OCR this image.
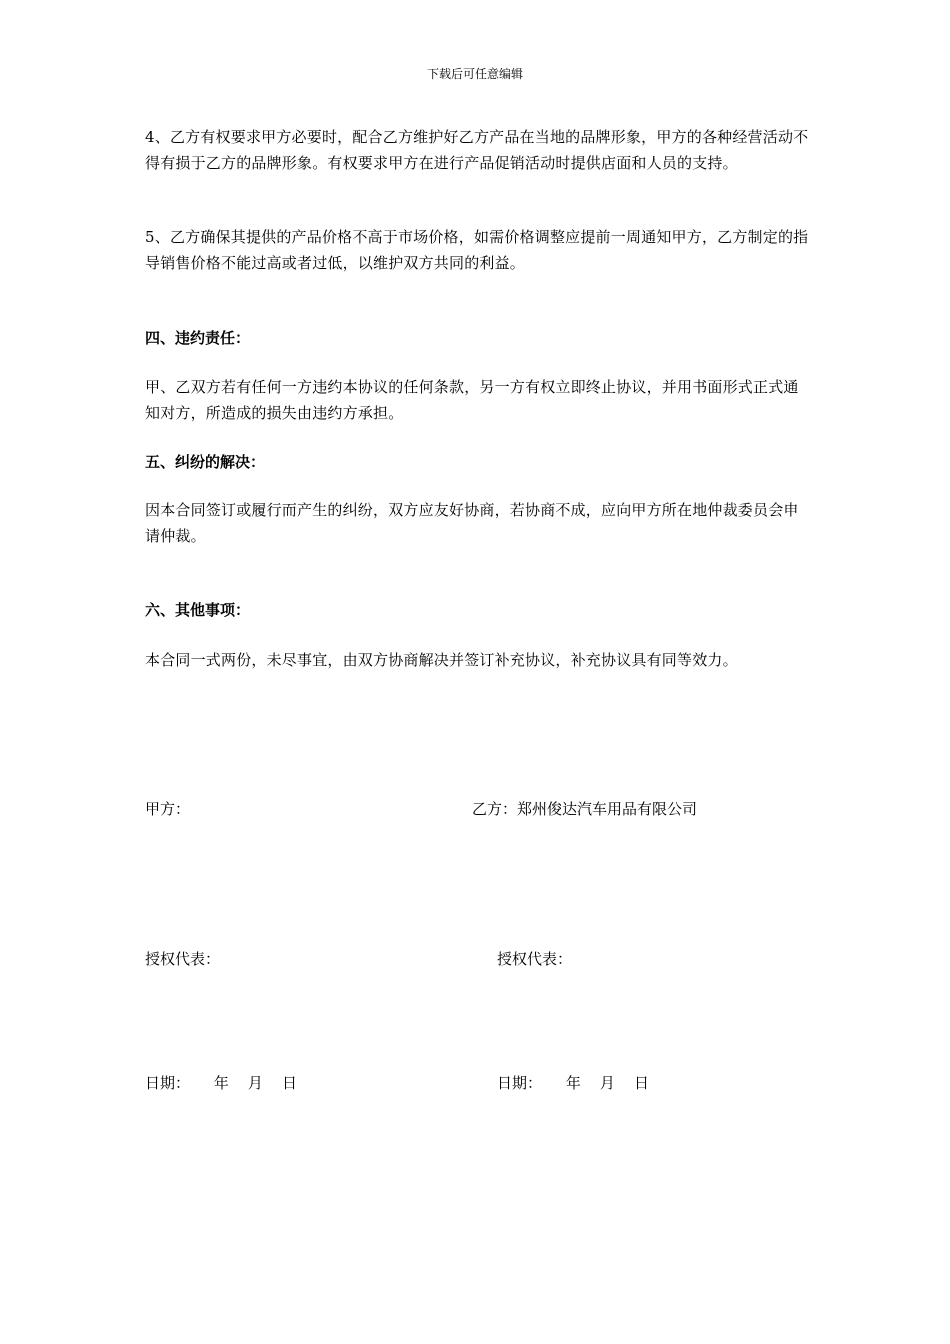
下载后可任意编辑

4、乙方有权要求甲方必要时，配合乙方维护好乙方产品在当地的品牌形象，甲方的各种经营活动不得有损于乙方的品牌形象。有权要求甲方在进行产品促销活动时提供店面和人员的支持。

5、乙方确保其提供的产品价格不高于市场价格，如需价格调整应提前一周通知甲方，乙方制定的指导销售价格不能过高或者过低，以维护双方共同的利益。

四、违约责任：

甲、乙双方若有任何一方违约本协议的任何条款，另一方有权立即终止协议，并用书面形式正式通知对方，所造成的损失由违约方承担。

五、纠纷的解决：

因本合同签订或履行而产生的纠纷，双方应友好协商，若协商不成，应向甲方所在地仲裁委员会申请仲裁。

六、其他事项：

本合同一式两份，未尽事宜，由双方协商解决并签订补充协议，补充协议具有同等效力。

甲方：	乙方：郑州俊达汽车用品有限公司
授权代表：	授权代表：
日期：     年    月    日	日期：     年    月    日
